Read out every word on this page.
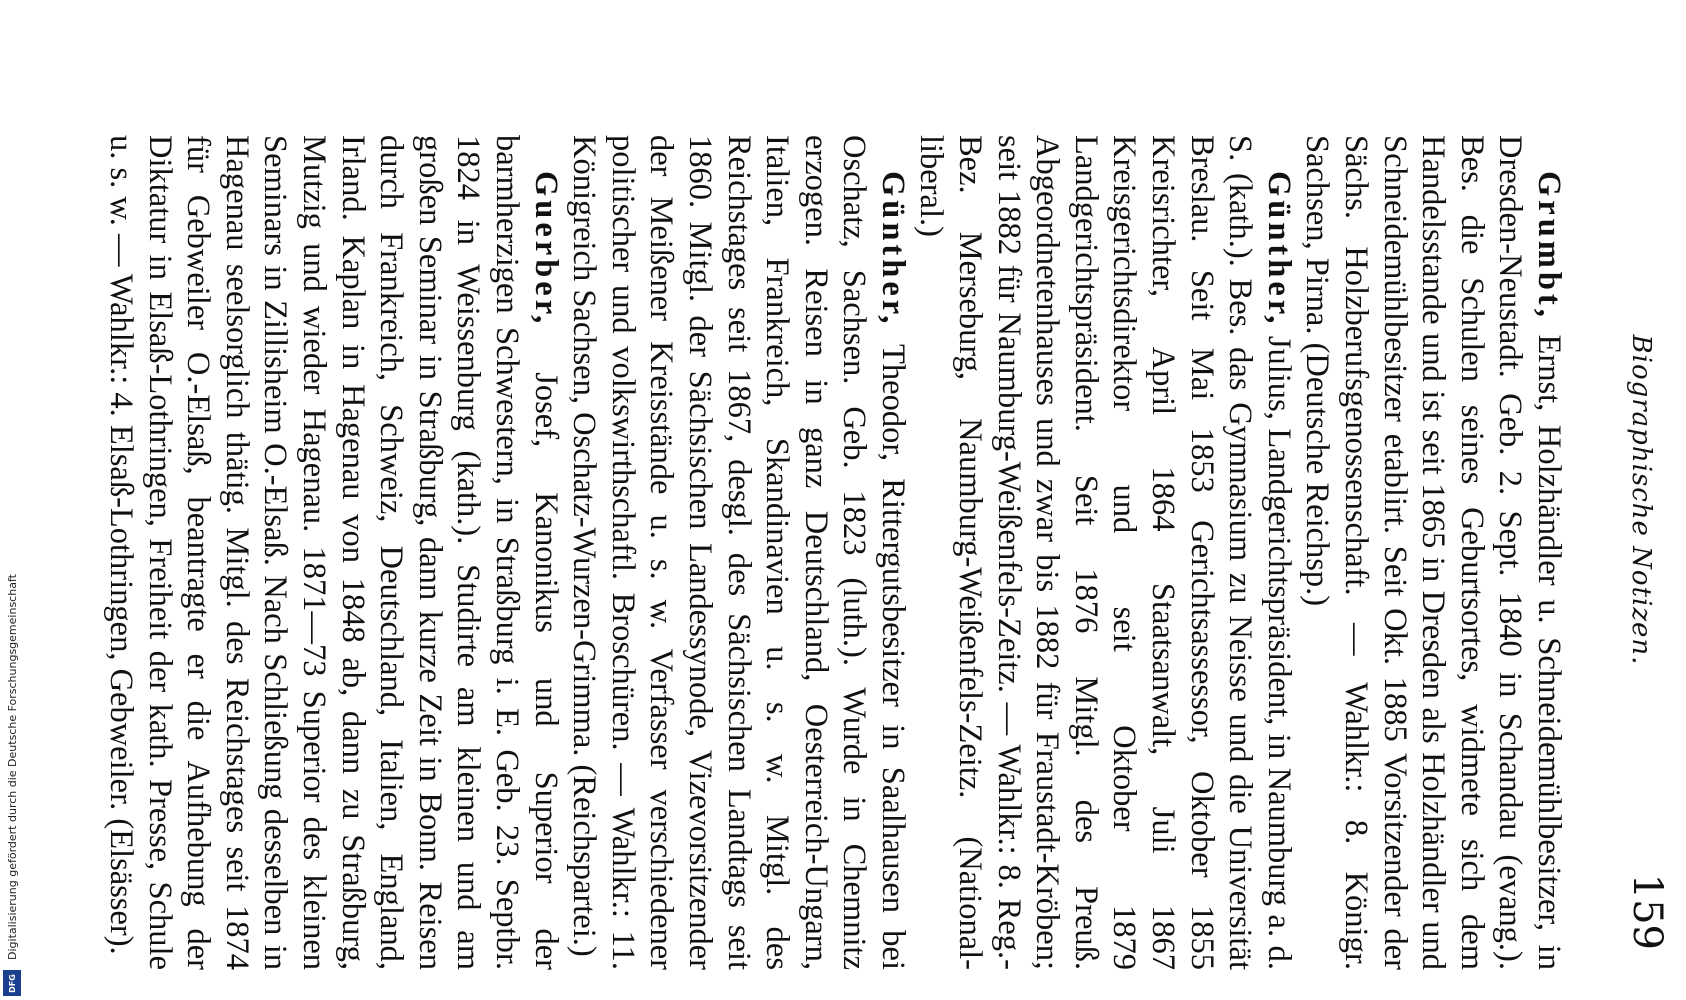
Biographische Notizen.
159

Grumbt, Ernst, Holzhändler u. Schneidemühlbesitzer, in Dresden-Neustadt. Geb. 2. Sept. 1840 in Schandau (evang.). Bes. die Schulen seines Geburtsortes, widmete sich dem Handelsstande und ist seit 1865 in Dresden als Holzhändler und Schneidemühlbesitzer etablirt. Seit Okt. 1885 Vorsitzender der Sächs. Holzberufsgenossenschaft. — Wahlkr.: 8. Königr. Sachsen, Pirna. (Deutsche Reichsp.)

Günther, Julius, Landgerichtspräsident, in Naumburg a. d. S. (kath.). Bes. das Gymnasium zu Neisse und die Universität Breslau. Seit Mai 1853 Gerichtsassessor, Oktober 1855 Kreisrichter, April 1864 Staatsanwalt, Juli 1867 Kreisgerichtsdirektor und seit Oktober 1879 Landgerichtspräsident. Seit 1876 Mitgl. des Preuß. Abgeordnetenhauses und zwar bis 1882 für Fraustadt-Kröben; seit 1882 für Naumburg-Weißenfels-Zeitz. — Wahlkr.: 8. Reg.-Bez. Merseburg, Naumburg-Weißenfels-Zeitz. (National-liberal.)

Günther, Theodor, Rittergutsbesitzer in Saalhausen bei Oschatz, Sachsen. Geb. 1823 (luth.). Wurde in Chemnitz erzogen. Reisen in ganz Deutschland, Oesterreich-Ungarn, Italien, Frankreich, Skandinavien u. s. w. Mitgl. des Reichstages seit 1867, desgl. des Sächsischen Landtags seit 1860. Mitgl. der Sächsischen Landessynode, Vizevorsitzender der Meißener Kreisstände u. s. w. Verfasser verschiedener politischer und volkswirthschaftl. Broschüren. — Wahlkr.: 11. Königreich Sachsen, Oschatz-Wurzen-Grimma. (Reichspartei.)

Guerber, Josef, Kanonikus und Superior der barmherzigen Schwestern, in Straßburg i. E. Geb. 23. Septbr. 1824 in Weissenburg (kath.). Studirte am kleinen und am großen Seminar in Straßburg, dann kurze Zeit in Bonn. Reisen durch Frankreich, Schweiz, Deutschland, Italien, England, Irland. Kaplan in Hagenau von 1848 ab, dann zu Straßburg, Mutzig und wieder Hagenau. 1871—73 Superior des kleinen Seminars in Zillisheim O.-Elsaß. Nach Schließung desselben in Hagenau seelsorglich thätig. Mitgl. des Reichstages seit 1874 für Gebweiler O.-Elsaß, beantragte er die Aufhebung der Diktatur in Elsaß-Lothringen, Freiheit der kath. Presse, Schule u. s. w. — Wahlkr.: 4. Elsaß-Lothringen, Gebweiler. (Elsässer).

Digitalisierung gefördert durch die Deutsche Forschungsgemeinschaft
DFG
